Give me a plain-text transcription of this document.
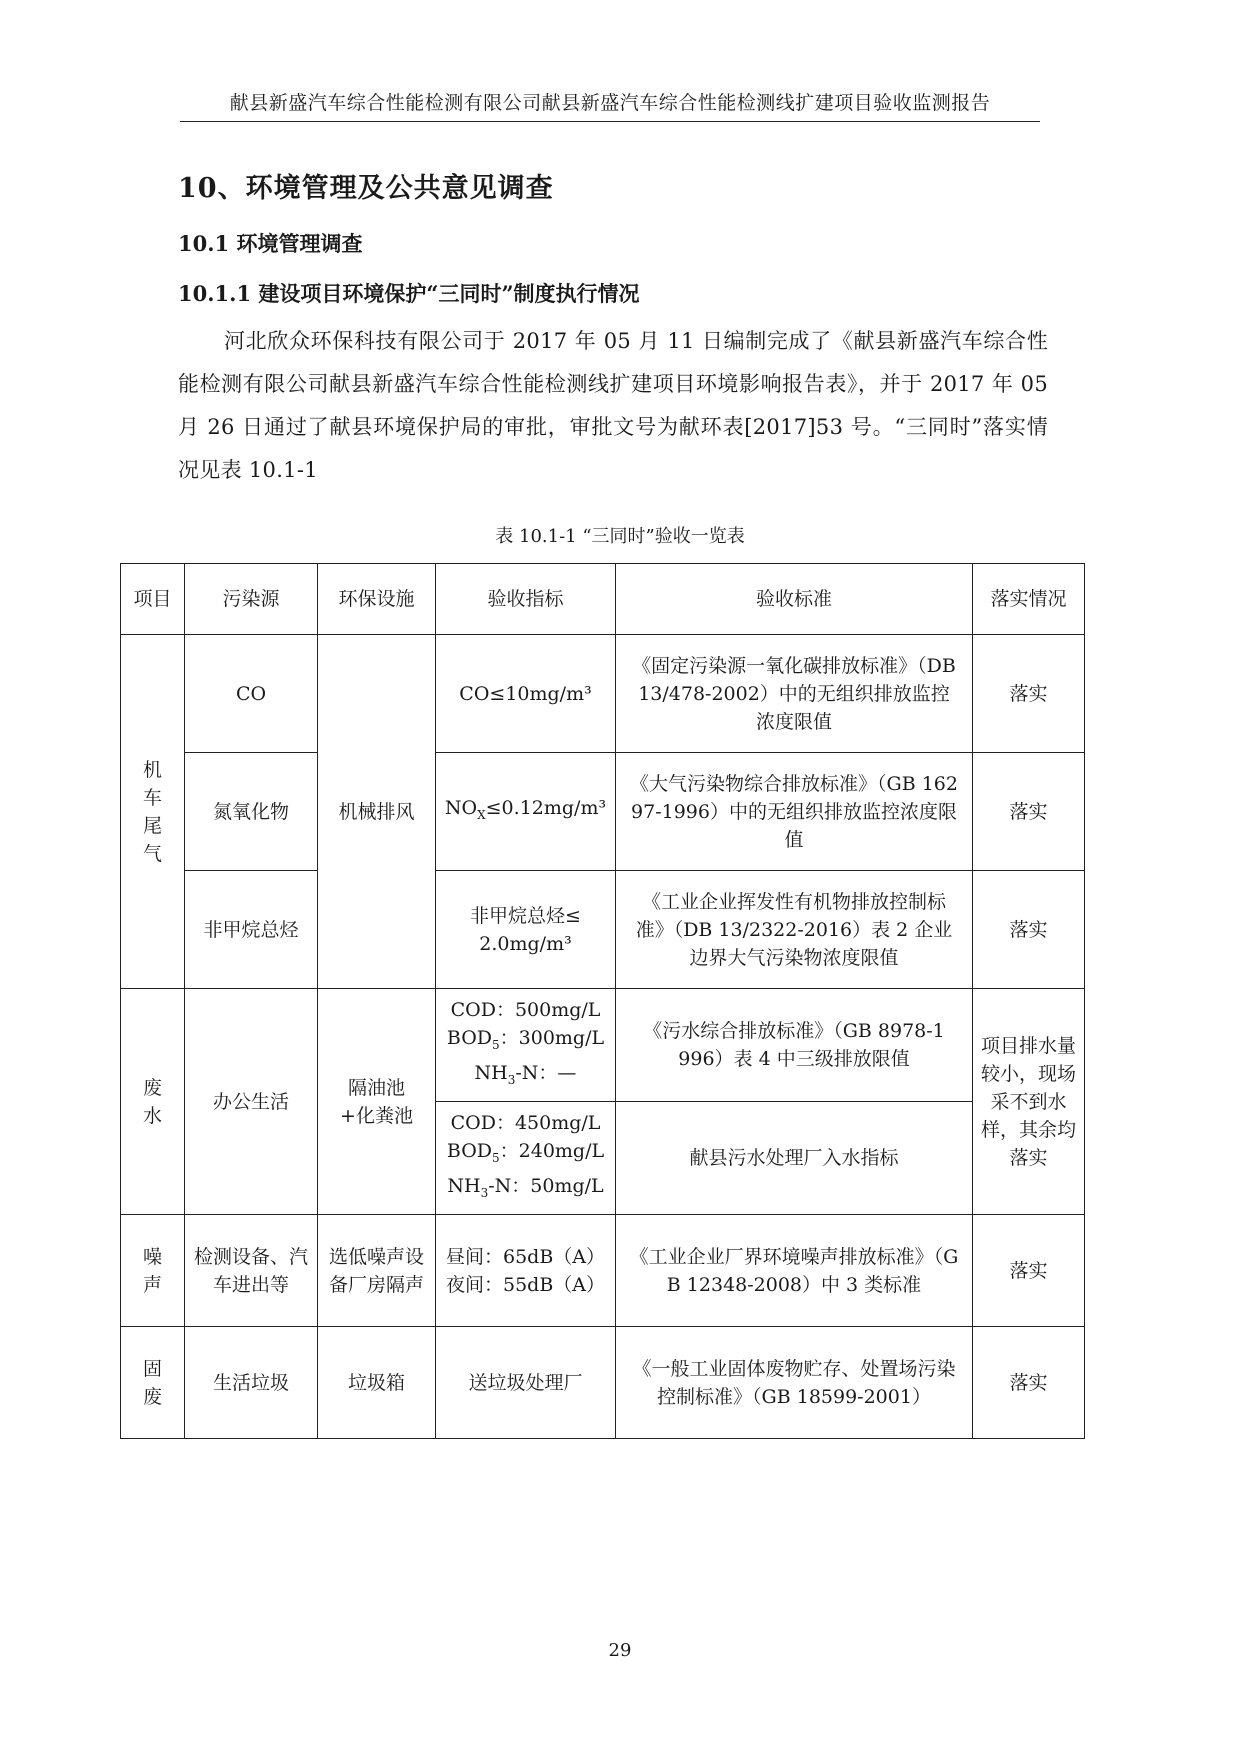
献县新盛汽车综合性能检测有限公司献县新盛汽车综合性能检测线扩建项目验收监测报告
10、环境管理及公共意见调查
10.1 环境管理调查
10.1.1 建设项目环境保护“三同时”制度执行情况
河北欣众环保科技有限公司于 2017 年 05 月 11 日编制完成了《献县新盛汽车综合性能检测有限公司献县新盛汽车综合性能检测线扩建项目环境影响报告表》，并于 2017 年 05 月 26 日通过了献县环境保护局的审批，审批文号为献环表[2017]53 号。“三同时”落实情况见表 10.1-1
表 10.1-1 “三同时”验收一览表
项目	污染源	环保设施	验收指标	验收标准	落实情况

机车尾气	CO	机械排风	CO≤10mg/m³	《固定污染源一氧化碳排放标准》（DB 13/478-2002）中的无组织排放监控浓度限值	落实
	氮氧化物		$NO_X\le 0.12mg/m^3$	《大气污染物综合排放标准》（GB 16297-1996）中的无组织排放监控浓度限值	落实
	非甲烷总烃		非甲烷总烃≤2.0mg/m³	《工业企业挥发性有机物排放控制标准》（DB 13/2322-2016）表 2 企业边界大气污染物浓度限值	落实

废水	办公生活	隔油池+化粪池	COD：500mg/L
$BOD_5$：300mg/L
$NH_3-N$：—	《污水综合排放标准》（GB 8978-1996）表 4 中三级排放限值	项目排水量较小，现场采不到水样，其余均落实

			COD：450mg/L
$BOD_5$：240mg/L
$NH_3-N$：50mg/L	献县污水处理厂入水指标	

噪声	检测设备、汽车进出等	选低噪声设备厂房隔声	昼间：65dB（A）
夜间：55dB（A）	《工业企业厂界环境噪声排放标准》（GB 12348-2008）中 3 类标准	落实

固废	生活垃圾	垃圾箱	送垃圾处理厂	《一般工业固体废物贮存、处置场污染控制标准》（GB 18599-2001）	落实
29
